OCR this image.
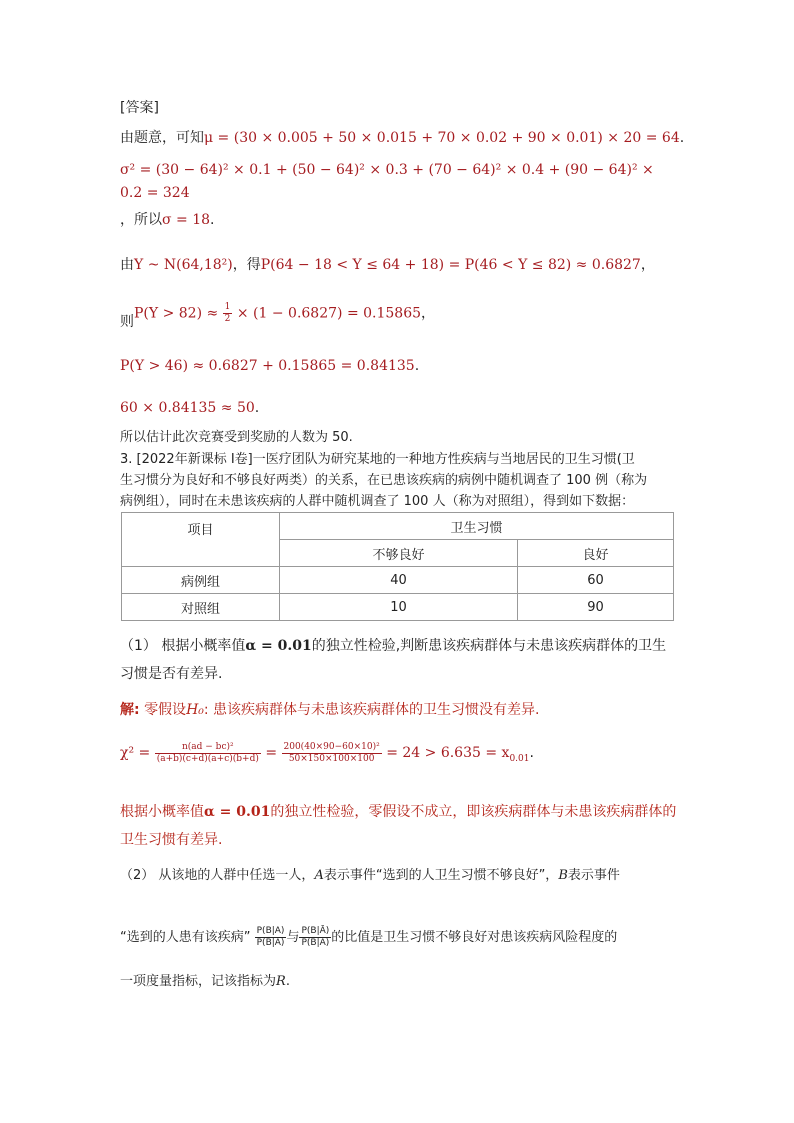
[答案]
由题意，可知μ = (30 × 0.005 + 50 × 0.015 + 70 × 0.02 + 90 × 0.01) × 20 = 64.
σ² = (30 − 64)² × 0.1 + (50 − 64)² × 0.3 + (70 − 64)² × 0.4 + (90 − 64)² ×
0.2 = 324
，所以σ = 18.
由Y ~ N(64,18²)，得P(64 − 18 < Y ≤ 64 + 18) = P(46 < Y ≤ 82) ≈ 0.6827，
则$P(Y > 82) \approx \frac{1}{2} \times (1 - 0.6827) = 0.15865$，
P(Y > 46) ≈ 0.6827 + 0.15865 = 0.84135.
60 × 0.84135 ≈ 50.
所以估计此次竞赛受到奖励的人数为 50.
3. [2022年新课标 I卷]一医疗团队为研究某地的一种地方性疾病与当地居民的卫生习惯(卫
生习惯分为良好和不够良好两类）的关系，在已患该疾病的病例中随机调查了 100 例（称为
病例组），同时在未患该疾病的人群中随机调查了 100 人（称为对照组），得到如下数据：
项目	卫生习惯	
	不够良好	良好
病例组	40	60
对照组	10	90
（1） 根据小概率值α = 0.01的独立性检验,判断患该疾病群体与未患该疾病群体的卫生
习惯是否有差异.
解: 零假设H₀: 患该疾病群体与未患该疾病群体的卫生习惯没有差异.
$\chi^2 = \frac{\text{n(ad − bc)²}}{(a+b)(c+d)(a+c)(b+d)} = \frac{\text{200(40×90−60×10)²}}{50\times 150\times 100\times 100} = 24 > 6.635 = x_{0.01}$.
根据小概率值α = 0.01的独立性检验，零假设不成立，即该疾病群体与未患该疾病群体的
卫生习惯有差异.
（2） 从该地的人群中任选一人，A表示事件“选到的人卫生习惯不够良好”，B表示事件
“选到的人患有该疾病” $\frac{P(B|A)}{P(B̄|A)}$ 与 $\frac{P(B|Ā)}{P(B̄|Ā)}$ 的比值是卫生习惯不够良好对患该疾病风险程度的
一项度量指标，记该指标为R.
